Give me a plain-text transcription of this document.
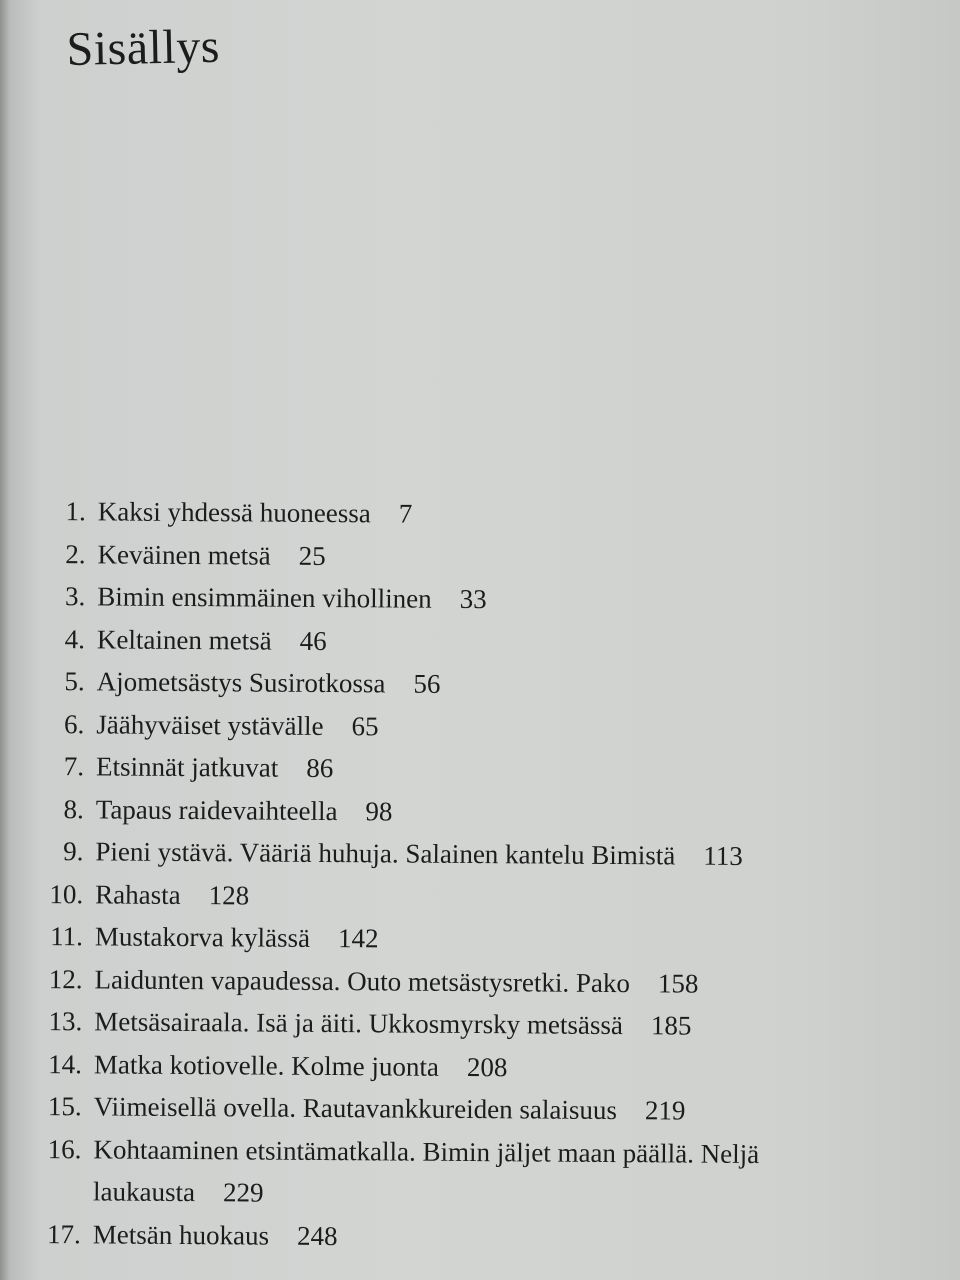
Sisällys
1. Kaksi yhdessä huoneessa 7
2. Keväinen metsä 25
3. Bimin ensimmäinen vihollinen 33
4. Keltainen metsä 46
5. Ajometsästys Susirotkossa 56
6. Jäähyväiset ystävälle 65
7. Etsinnät jatkuvat 86
8. Tapaus raidevaihteella 98
9. Pieni ystävä. Vääriä huhuja. Salainen kantelu Bimistä 113
10. Rahasta 128
11. Mustakorva kylässä 142
12. Laidunten vapaudessa. Outo metsästysretki. Pako 158
13. Metsäsairaala. Isä ja äiti. Ukkosmyrsky metsässä 185
14. Matka kotiovelle. Kolme juonta 208
15. Viimeisellä ovella. Rautavankkureiden salaisuus 219
16. Kohtaaminen etsintämatkalla. Bimin jäljet maan päällä. Neljä laukausta 229
17. Metsän huokaus 248
